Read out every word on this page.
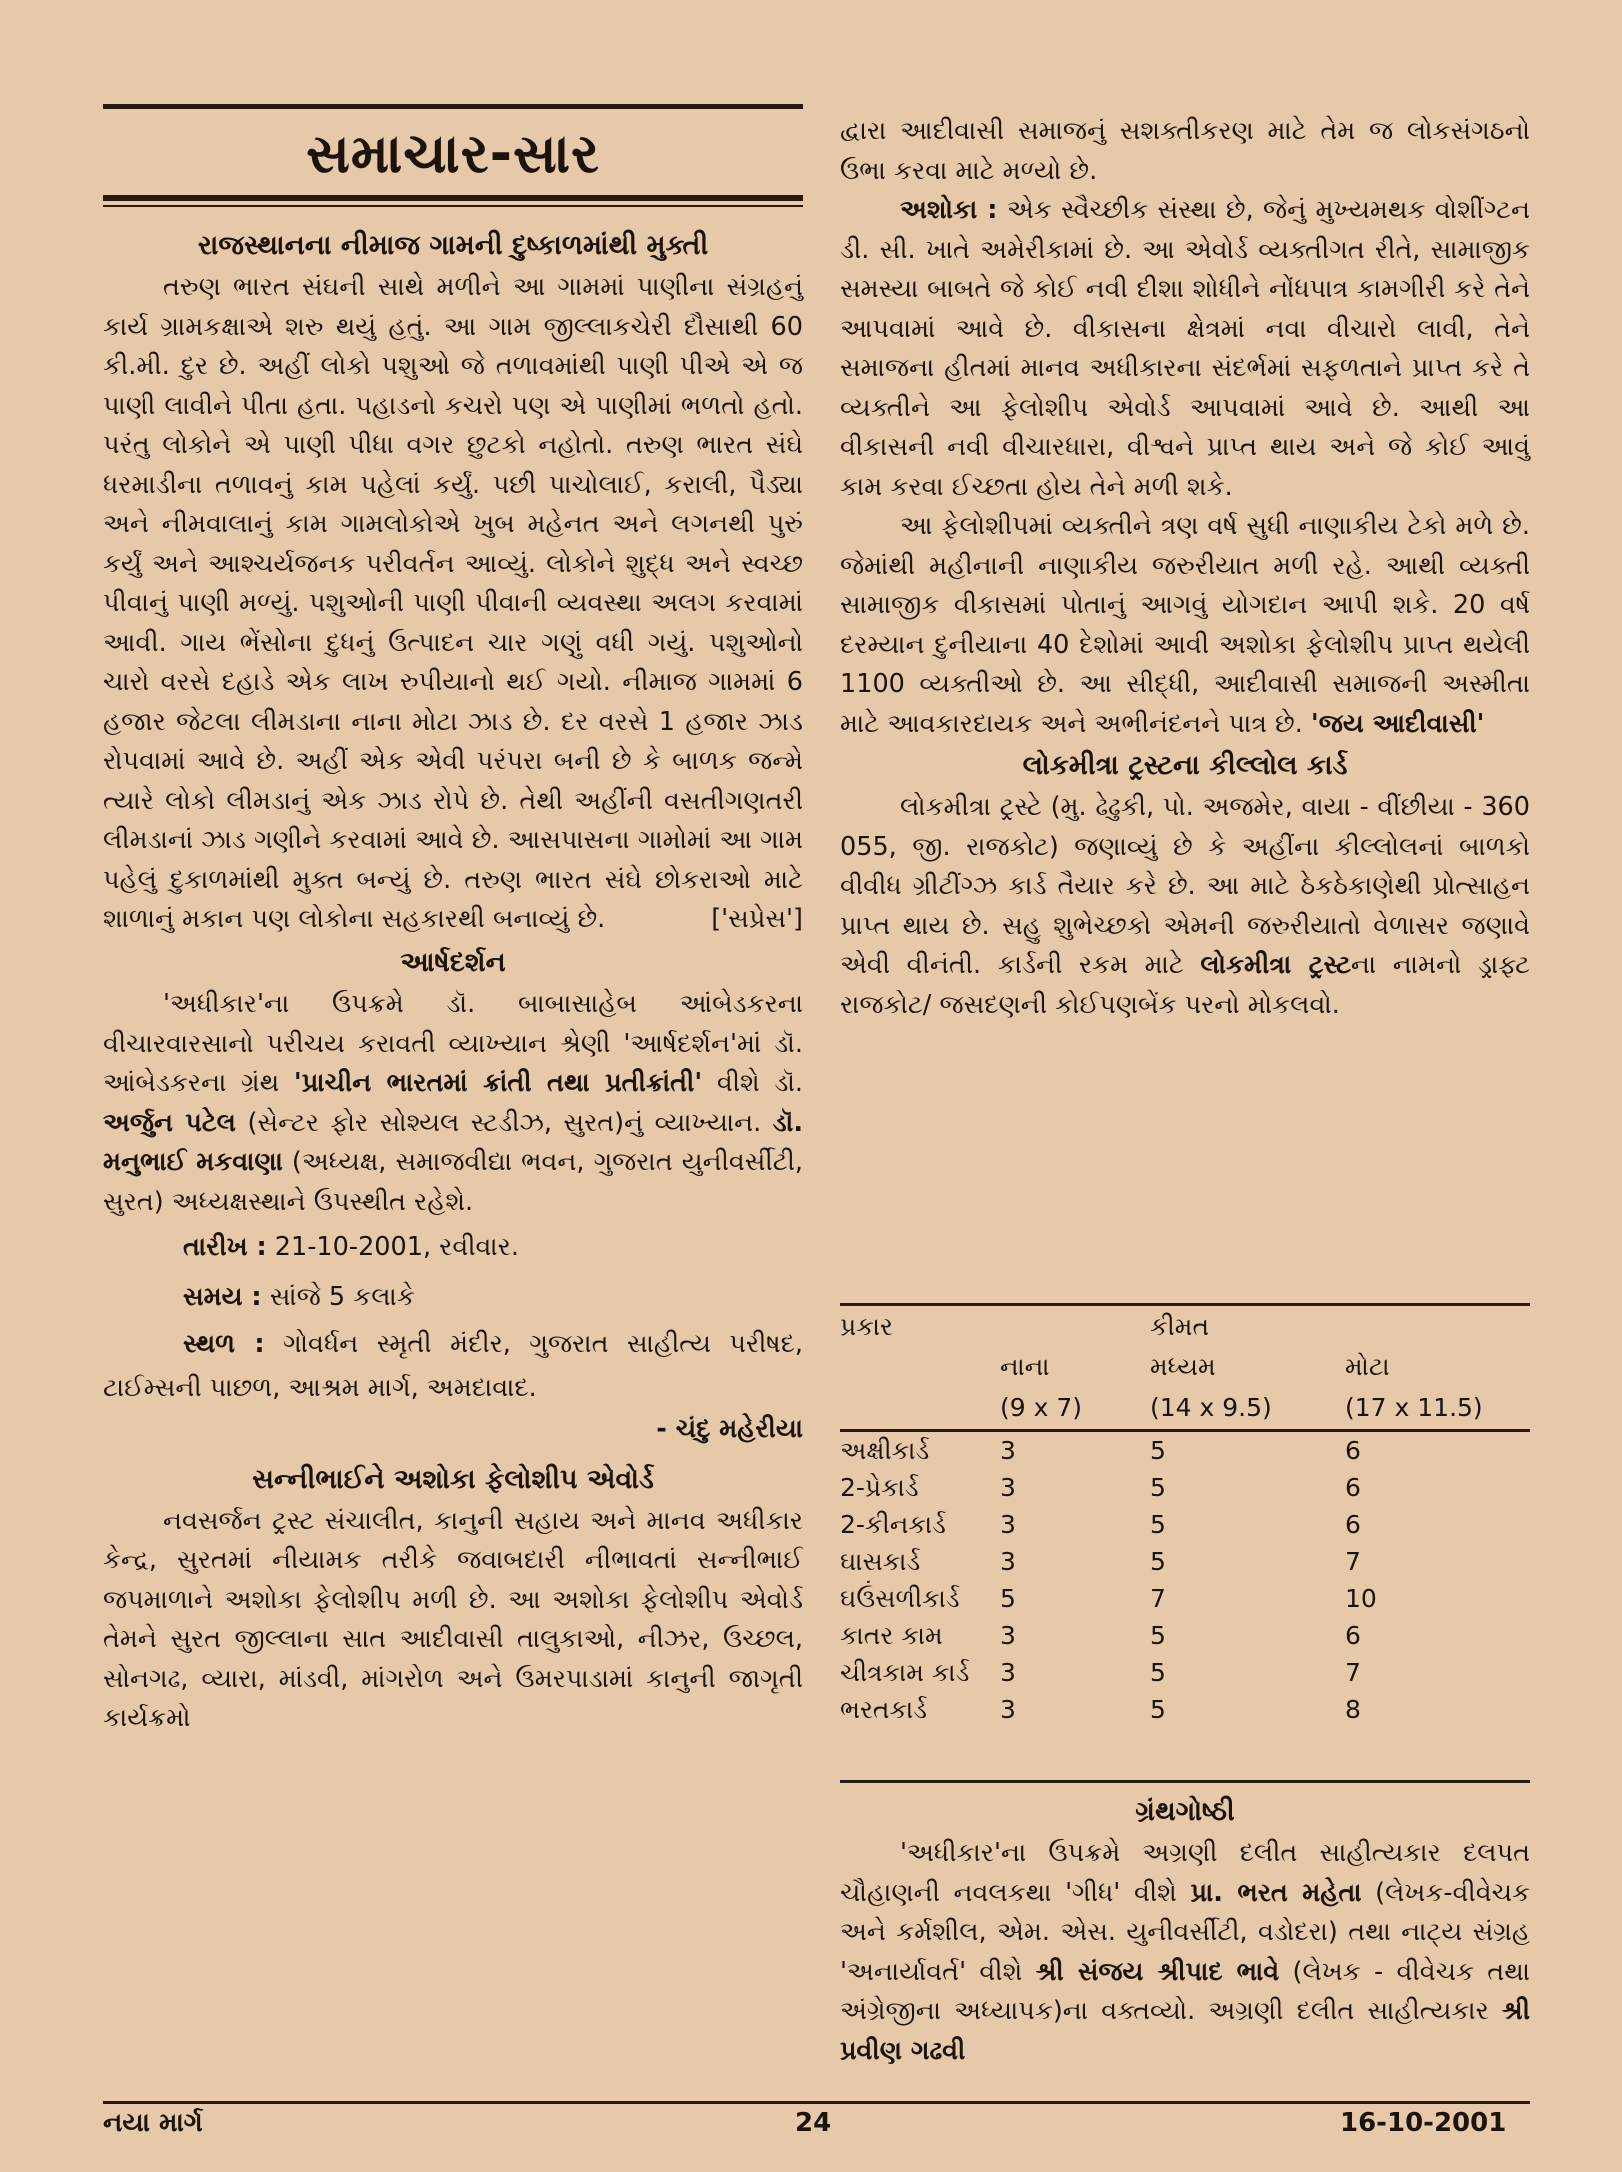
સમાચાર-સાર

રાજસ્થાનના નીમાજ ગામની દુષ્કાળમાંથી મુક્તી

તરુણ ભારત સંઘની સાથે મળીને આ ગામમાં પાણીના સંગ્રહનું કાર્ય ગ્રામકક્ષાએ શરુ થયું હતું. આ ગામ જીલ્લાકચેરી દૌસાથી 60 કી.મી. દુર છે. અહીં લોકો પશુઓ જે તળાવમાંથી પાણી પીએ એ જ પાણી લાવીને પીતા હતા. પહાડનો કચરો પણ એ પાણીમાં ભળતો હતો. પરંતુ લોકોને એ પાણી પીધા વગર છુટકો નહોતો. તરુણ ભારત સંઘે ધરમાડીના તળાવનું કામ પહેલાં કર્યું. પછી પાચોલાઈ, કરાલી, પૈડ્યા અને નીમવાલાનું કામ ગામલોકોએ ખુબ મહેનત અને લગનથી પુરું કર્યું અને આશ્ચર્યજનક પરીવર્તન આવ્યું. લોકોને શુદ્ધ અને સ્વચ્છ પીવાનું પાણી મળ્યું. પશુઓની પાણી પીવાની વ્યવસ્થા અલગ કરવામાં આવી. ગાય ભેંસોના દુધનું ઉત્પાદન ચાર ગણું વધી ગયું. પશુઓનો ચારો વરસે દહાડે એક લાખ રુપીયાનો થઈ ગયો. નીમાજ ગામમાં 6 હજાર જેટલા લીમડાના નાના મોટા ઝાડ છે. દર વરસે 1 હજાર ઝાડ રોપવામાં આવે છે. અહીં એક એવી પરંપરા બની છે કે બાળક જન્મે ત્યારે લોકો લીમડાનું એક ઝાડ રોપે છે. તેથી અહીંની વસતીગણતરી લીમડાનાં ઝાડ ગણીને કરવામાં આવે છે. આસપાસના ગામોમાં આ ગામ પહેલું દુકાળમાંથી મુક્ત બન્યું છે. તરુણ ભારત સંઘે છોકરાઓ માટે શાળાનું મકાન પણ લોકોના સહકારથી બનાવ્યું છે.	['સપ્રેસ']

આર્ષદર્શન

'અધીકાર'ના ઉપક્રમે ડૉ. બાબાસાહેબ આંબેડકરના વીચારવારસાનો પરીચય કરાવતી વ્યાખ્યાન શ્રેણી 'આર્ષદર્શન'માં ડૉ. આંબેડકરના ગ્રંથ 'પ્રાચીન ભારતમાં ક્રાંતી તથા પ્રતીક્રાંતી' વીશે ડૉ. અર્જુન પટેલ (સેન્ટર ફોર સોશ્યલ સ્ટડીઝ, સુરત)નું વ્યાખ્યાન. ડૉ. મનુભાઈ મકવાણા (અધ્યક્ષ, સમાજવીદ્યા ભવન, ગુજરાત યુનીવર્સીટી, સુરત) અધ્યક્ષસ્થાને ઉપસ્થીત રહેશે.

તારીખ : 21-10-2001, રવીવાર.

સમય : સાંજે 5 કલાકે

સ્થળ : ગોવર્ધન સ્મૃતી મંદીર, ગુજરાત સાહીત્ય પરીષદ, ટાઈમ્સની પાછળ, આશ્રમ માર્ગ, અમદાવાદ.

- ચંદુ મહેરીયા

સન્નીભાઈને અશોકા ફેલોશીપ એવોર્ડ

નવસર્જન ટ્રસ્ટ સંચાલીત, કાનુની સહાય અને માનવ અધીકાર કેન્દ્ર, સુરતમાં નીયામક તરીકે જવાબદારી નીભાવતાં સન્નીભાઈ જપમાળાને અશોકા ફેલોશીપ મળી છે. આ અશોકા ફેલોશીપ એવોર્ડ તેમને સુરત જીલ્લાના સાત આદીવાસી તાલુકાઓ, નીઝર, ઉચ્છલ, સોનગઢ, વ્યારા, માંડવી, માંગરોળ અને ઉમરપાડામાં કાનુની જાગૃતી કાર્યક્રમો

દ્વારા આદીવાસી સમાજનું સશક્તીકરણ માટે તેમ જ લોકસંગઠનો ઉભા કરવા માટે મળ્યો છે.

અશોકા : એક સ્વૈચ્છીક સંસ્થા છે, જેનું મુખ્યમથક વોશીંગ્ટન ડી. સી. ખાતે અમેરીકામાં છે. આ એવોર્ડ વ્યક્તીગત રીતે, સામાજીક સમસ્યા બાબતે જે કોઈ નવી દીશા શોધીને નોંધપાત્ર કામગીરી કરે તેને આપવામાં આવે છે. વીકાસના ક્ષેત્રમાં નવા વીચારો લાવી, તેને સમાજના હીતમાં માનવ અધીકારના સંદર્ભમાં સફળતાને પ્રાપ્ત કરે તે વ્યક્તીને આ ફેલોશીપ એવોર્ડ આપવામાં આવે છે. આથી આ વીકાસની નવી વીચારધારા, વીશ્વને પ્રાપ્ત થાય અને જે કોઈ આવું કામ કરવા ઈચ્છતા હોય તેને મળી શકે.

આ ફેલોશીપમાં વ્યક્તીને ત્રણ વર્ષ સુધી નાણાકીય ટેકો મળે છે. જેમાંથી મહીનાની નાણાકીય જરુરીયાત મળી રહે. આથી વ્યક્તી સામાજીક વીકાસમાં પોતાનું આગવું યોગદાન આપી શકે. 20 વર્ષ દરમ્યાન દુનીયાના 40 દેશોમાં આવી અશોકા ફેલોશીપ પ્રાપ્ત થયેલી 1100 વ્યક્તીઓ છે. આ સીદ્ધી, આદીવાસી સમાજની અસ્મીતા માટે આવકારદાયક અને અભીનંદનને પાત્ર છે. 'જય આદીવાસી'

લોકમીત્રા ટ્રસ્ટના કીલ્લોલ કાર્ડ

લોકમીત્રા ટ્રસ્ટે (મુ. ઢેઢુકી, પો. અજમેર, વાયા - વીંછીયા - 360 055, જી. રાજકોટ) જણાવ્યું છે કે અહીંના કીલ્લોલનાં બાળકો વીવીધ ગ્રીટીંગ્ઝ કાર્ડ તૈયાર કરે છે. આ માટે ઠેકઠેકાણેથી પ્રોત્સાહન પ્રાપ્ત થાય છે. સહુ શુભેચ્છકો એમની જરુરીયાતો વેળાસર જણાવે એવી વીનંતી. કાર્ડની રકમ માટે લોકમીત્રા ટ્રસ્ટના નામનો ડ્રાફ્ટ રાજકોટ/ જસદણની કોઈપણબેંક પરનો મોકલવો.

પ્રકાર		કીમત	
	નાના	મધ્યમ	મોટા
	(9 x 7)	(14 x 9.5)	(17 x 11.5)
અક્ષીકાર્ડ	3	5	6
2-પ્રેકાર્ડ	3	5	6
2-કીનકાર્ડ	3	5	6
ઘાસકાર્ડ	3	5	7
ઘઉંસળીકાર્ડ	5	7	10
કાતર કામ	3	5	6
ચીત્રકામ કાર્ડ	3	5	7
ભરતકાર્ડ	3	5	8

ગ્રંથગોષ્ઠી

'અધીકાર'ના ઉપક્રમે અગ્રણી દલીત સાહીત્યકાર દલપત ચૌહાણની નવલકથા 'ગીધ' વીશે પ્રા. ભરત મહેતા (લેખક-વીવેચક અને કર્મશીલ, એમ. એસ. યુનીવર્સીટી, વડોદરા) તથા નાટ્ય સંગ્રહ 'અનાર્યાવર્ત' વીશે શ્રી સંજય શ્રીપાદ ભાવે (લેખક - વીવેચક તથા અંગ્રેજીના અધ્યાપક)ના વક્તવ્યો. અગ્રણી દલીત સાહીત્યકાર શ્રી પ્રવીણ ગઢવી

નયા માર્ગ	24	16-10-2001
